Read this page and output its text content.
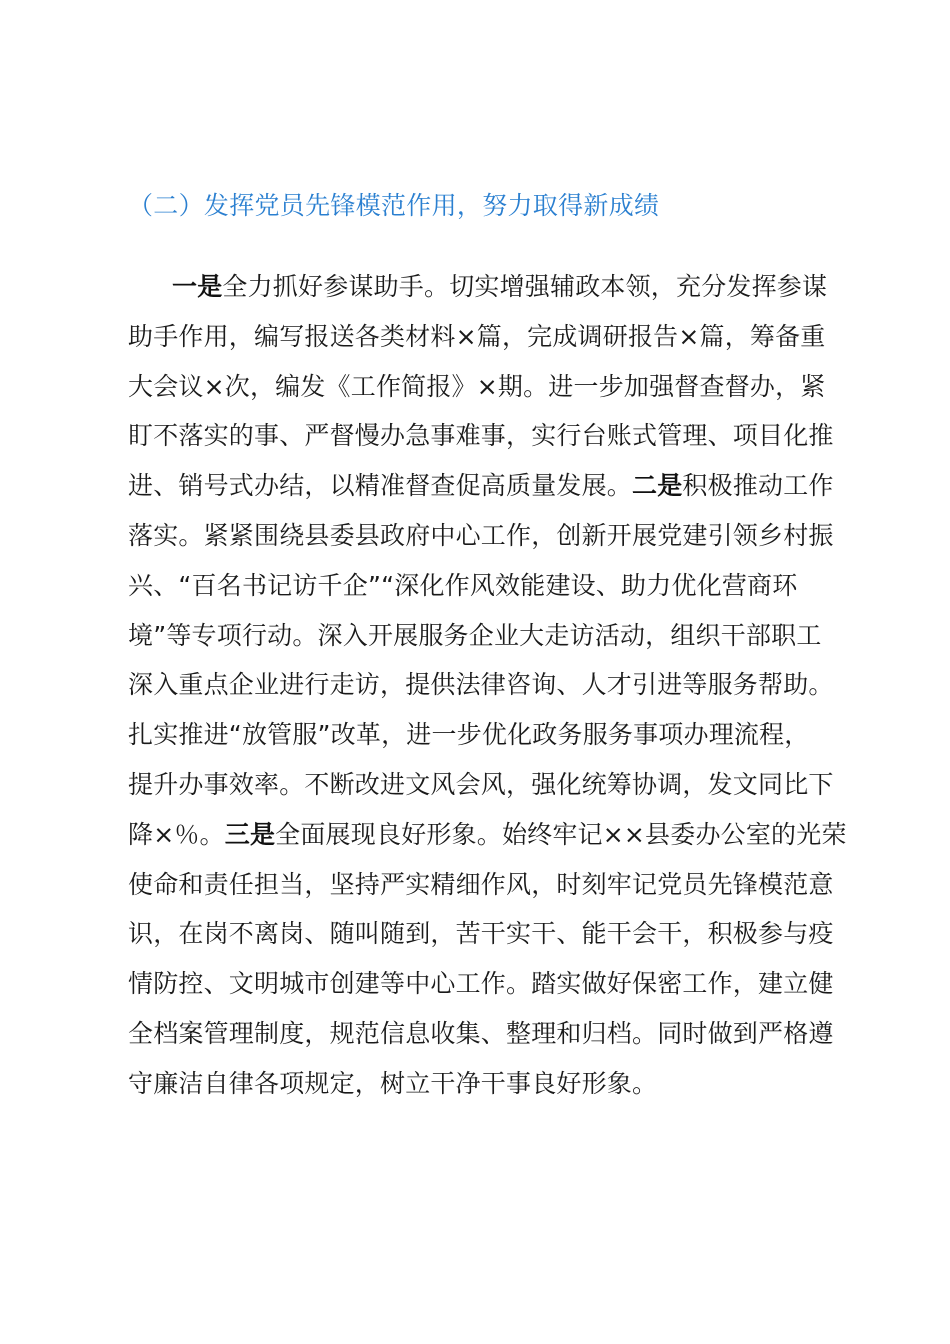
（二）发挥党员先锋模范作用，努力取得新成绩
一是全力抓好参谋助手。切实增强辅政本领，充分发挥参谋
助手作用，编写报送各类材料×篇，完成调研报告×篇，筹备重
大会议×次，编发《工作简报》×期。进一步加强督查督办，紧
盯不落实的事、严督慢办急事难事，实行台账式管理、项目化推
进、销号式办结，以精准督查促高质量发展。二是积极推动工作
落实。紧紧围绕县委县政府中心工作，创新开展党建引领乡村振
兴、“百名书记访千企”“深化作风效能建设、助力优化营商环
境”等专项行动。深入开展服务企业大走访活动，组织干部职工
深入重点企业进行走访，提供法律咨询、人才引进等服务帮助。
扎实推进“放管服”改革，进一步优化政务服务事项办理流程，
提升办事效率。不断改进文风会风，强化统筹协调，发文同比下
降×％。三是全面展现良好形象。始终牢记××县委办公室的光荣
使命和责任担当，坚持严实精细作风，时刻牢记党员先锋模范意
识，在岗不离岗、随叫随到，苦干实干、能干会干，积极参与疫
情防控、文明城市创建等中心工作。踏实做好保密工作，建立健
全档案管理制度，规范信息收集、整理和归档。同时做到严格遵
守廉洁自律各项规定，树立干净干事良好形象。
